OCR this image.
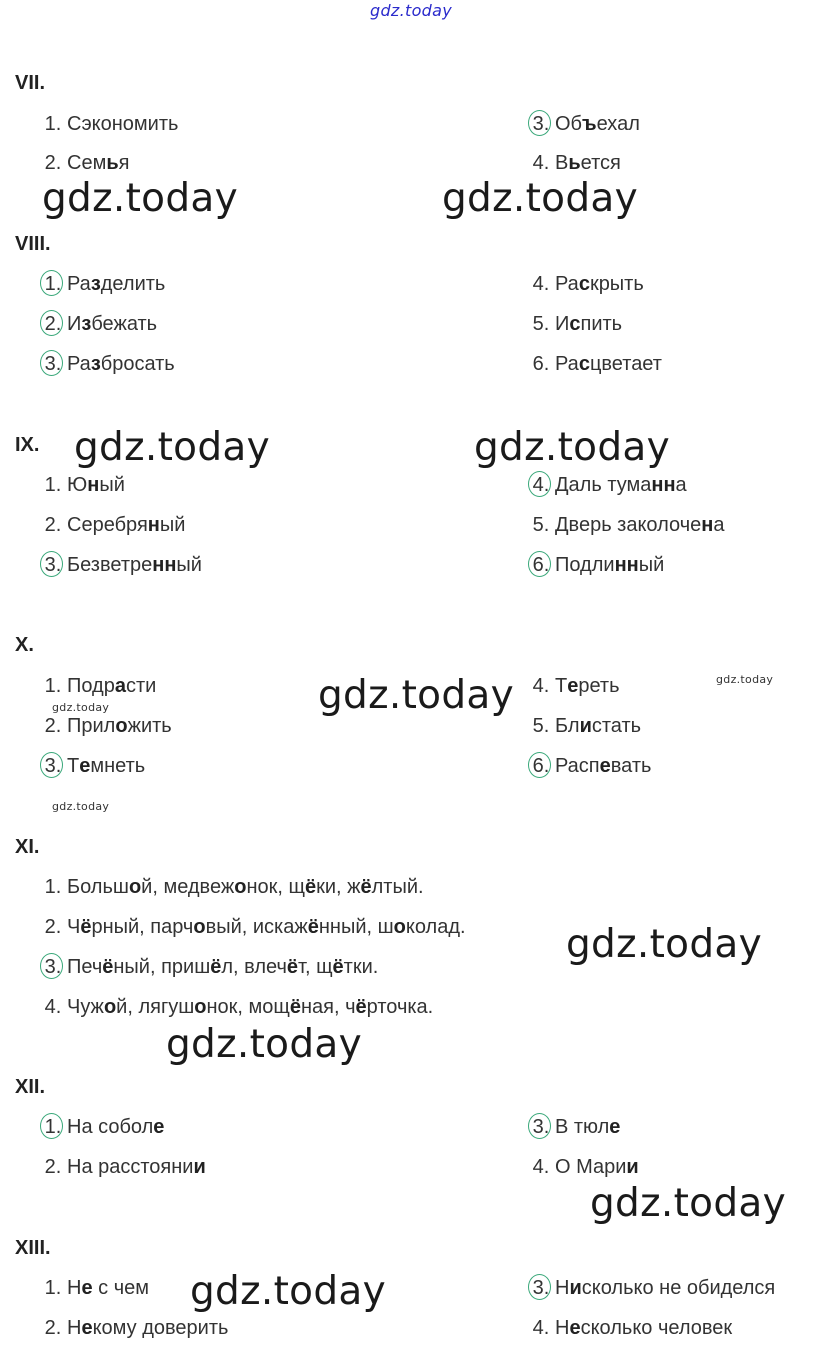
gdz.today
gdz.today	gdz.today
gdz.today	gdz.today
gdz.today	gdz.today
gdz.today
gdz.today
gdz.today
gdz.today
gdz.today
gdz.today
VII.
VIII.
IX.
X.
XI.
XII.
XIII.
1. Сэкономить	3. Объехал
2. Семья	4. Вьется
1. Разделить	4. Раскрыть
2. Избежать	5. Испить
3. Разбросать	6. Расцветает
1. Юный	4. Даль туманна
2. Серебряный	5. Дверь заколочена
3. Безветренный	6. Подлинный
1. Подрасти	4. Тереть
2. Приложить	5. Блистать
3. Темнеть	6. Распевать
1. Большой, медвежонок, щёки, жёлтый.
2. Чёрный, парчовый, искажённый, шоколад.
3. Печёный, пришёл, влечёт, щётки.
4. Чужой, лягушонок, мощёная, чёрточка.
1. На соболе	3. В тюле
2. На расстоянии	4. О Марии
1. Не с чем	3. Нисколько не обиделся
2. Некому доверить	4. Несколько человек
